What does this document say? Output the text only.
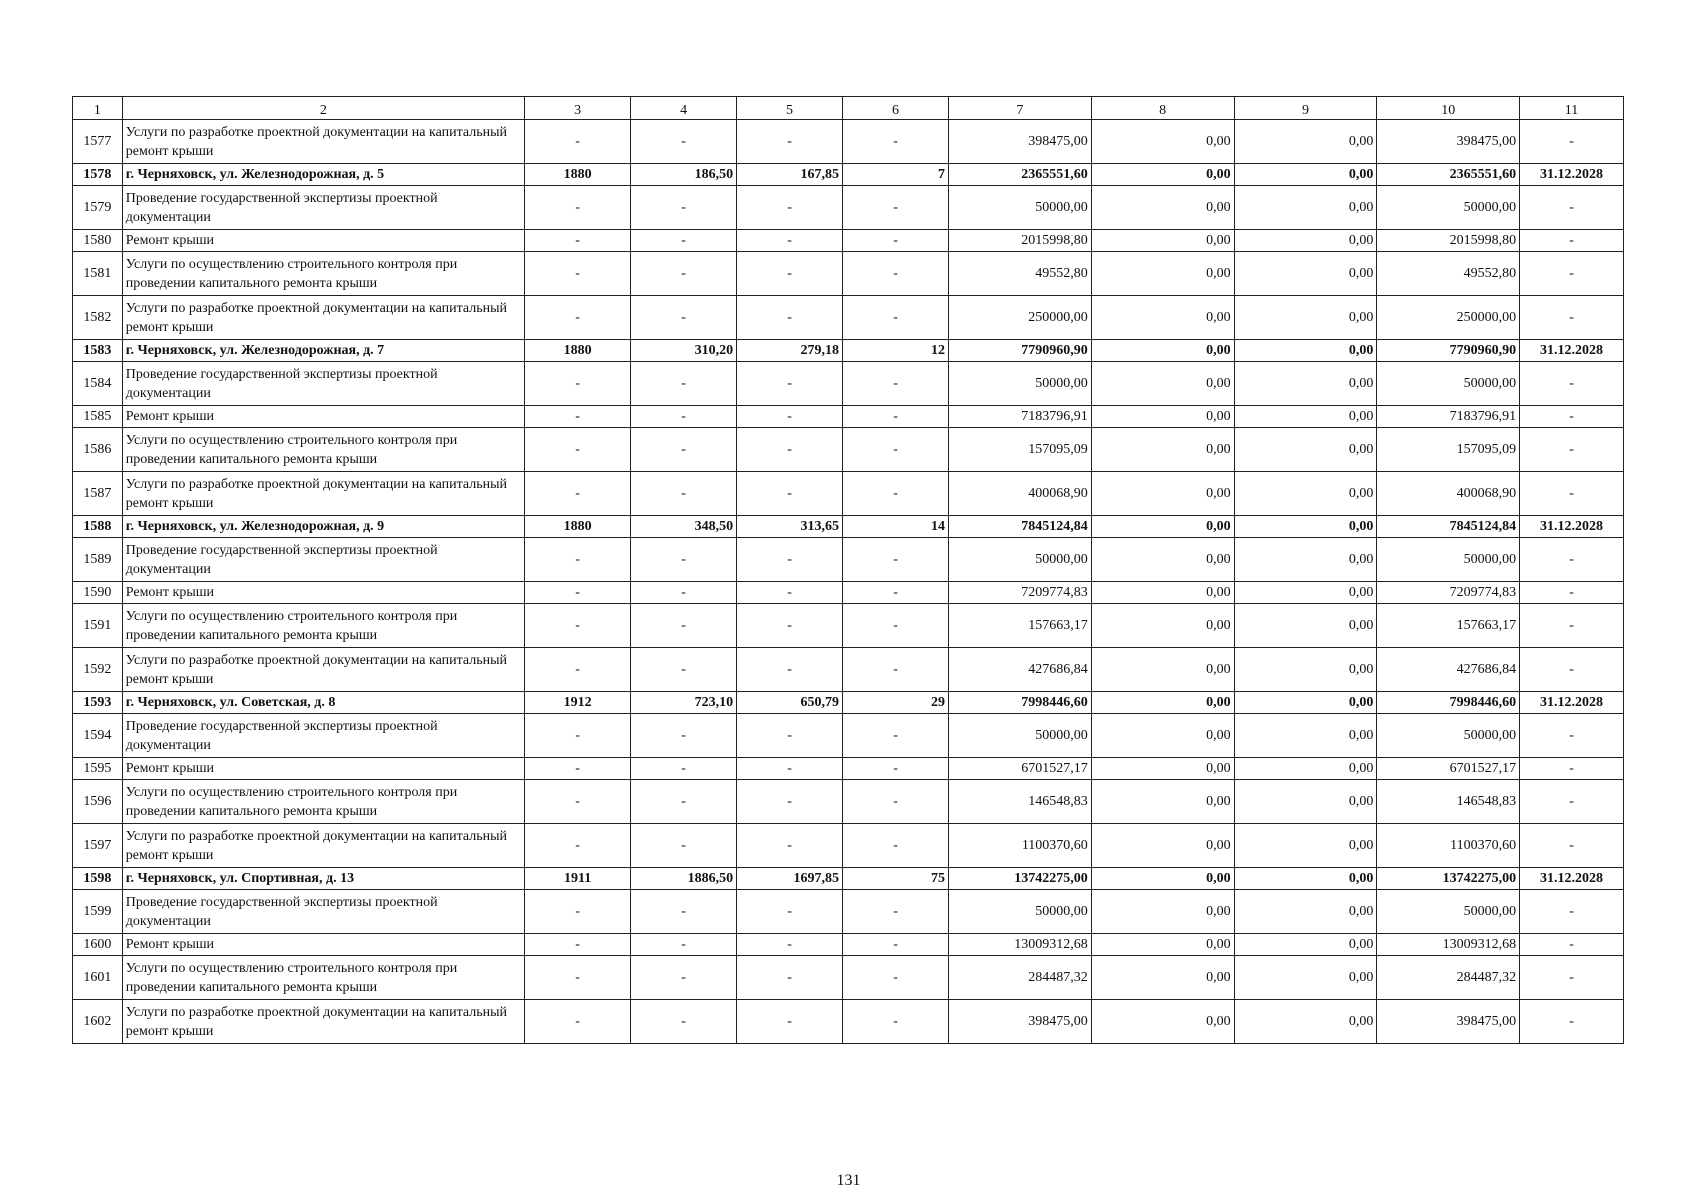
1	2	3	4	5	6	7	8	9	10	11
1577	Услуги по разработке проектной документации на капитальный ремонт крыши	-	-	-	-	398475,00	0,00	0,00	398475,00	-
1578	г. Черняховск, ул. Железнодорожная, д. 5	1880	186,50	167,85	7	2365551,60	0,00	0,00	2365551,60	31.12.2028
1579	Проведение государственной экспертизы проектной документации	-	-	-	-	50000,00	0,00	0,00	50000,00	-
1580	Ремонт крыши	-	-	-	-	2015998,80	0,00	0,00	2015998,80	-
1581	Услуги по осуществлению строительного контроля при проведении капитального ремонта крыши	-	-	-	-	49552,80	0,00	0,00	49552,80	-
1582	Услуги по разработке проектной документации на капитальный ремонт крыши	-	-	-	-	250000,00	0,00	0,00	250000,00	-
1583	г. Черняховск, ул. Железнодорожная, д. 7	1880	310,20	279,18	12	7790960,90	0,00	0,00	7790960,90	31.12.2028
1584	Проведение государственной экспертизы проектной документации	-	-	-	-	50000,00	0,00	0,00	50000,00	-
1585	Ремонт крыши	-	-	-	-	7183796,91	0,00	0,00	7183796,91	-
1586	Услуги по осуществлению строительного контроля при проведении капитального ремонта крыши	-	-	-	-	157095,09	0,00	0,00	157095,09	-
1587	Услуги по разработке проектной документации на капитальный ремонт крыши	-	-	-	-	400068,90	0,00	0,00	400068,90	-
1588	г. Черняховск, ул. Железнодорожная, д. 9	1880	348,50	313,65	14	7845124,84	0,00	0,00	7845124,84	31.12.2028
1589	Проведение государственной экспертизы проектной документации	-	-	-	-	50000,00	0,00	0,00	50000,00	-
1590	Ремонт крыши	-	-	-	-	7209774,83	0,00	0,00	7209774,83	-
1591	Услуги по осуществлению строительного контроля при проведении капитального ремонта крыши	-	-	-	-	157663,17	0,00	0,00	157663,17	-
1592	Услуги по разработке проектной документации на капитальный ремонт крыши	-	-	-	-	427686,84	0,00	0,00	427686,84	-
1593	г. Черняховск, ул. Советская, д. 8	1912	723,10	650,79	29	7998446,60	0,00	0,00	7998446,60	31.12.2028
1594	Проведение государственной экспертизы проектной документации	-	-	-	-	50000,00	0,00	0,00	50000,00	-
1595	Ремонт крыши	-	-	-	-	6701527,17	0,00	0,00	6701527,17	-
1596	Услуги по осуществлению строительного контроля при проведении капитального ремонта крыши	-	-	-	-	146548,83	0,00	0,00	146548,83	-
1597	Услуги по разработке проектной документации на капитальный ремонт крыши	-	-	-	-	1100370,60	0,00	0,00	1100370,60	-
1598	г. Черняховск, ул. Спортивная, д. 13	1911	1886,50	1697,85	75	13742275,00	0,00	0,00	13742275,00	31.12.2028
1599	Проведение государственной экспертизы проектной документации	-	-	-	-	50000,00	0,00	0,00	50000,00	-
1600	Ремонт крыши	-	-	-	-	13009312,68	0,00	0,00	13009312,68	-
1601	Услуги по осуществлению строительного контроля при проведении капитального ремонта крыши	-	-	-	-	284487,32	0,00	0,00	284487,32	-
1602	Услуги по разработке проектной документации на капитальный ремонт крыши	-	-	-	-	398475,00	0,00	0,00	398475,00	-
131
